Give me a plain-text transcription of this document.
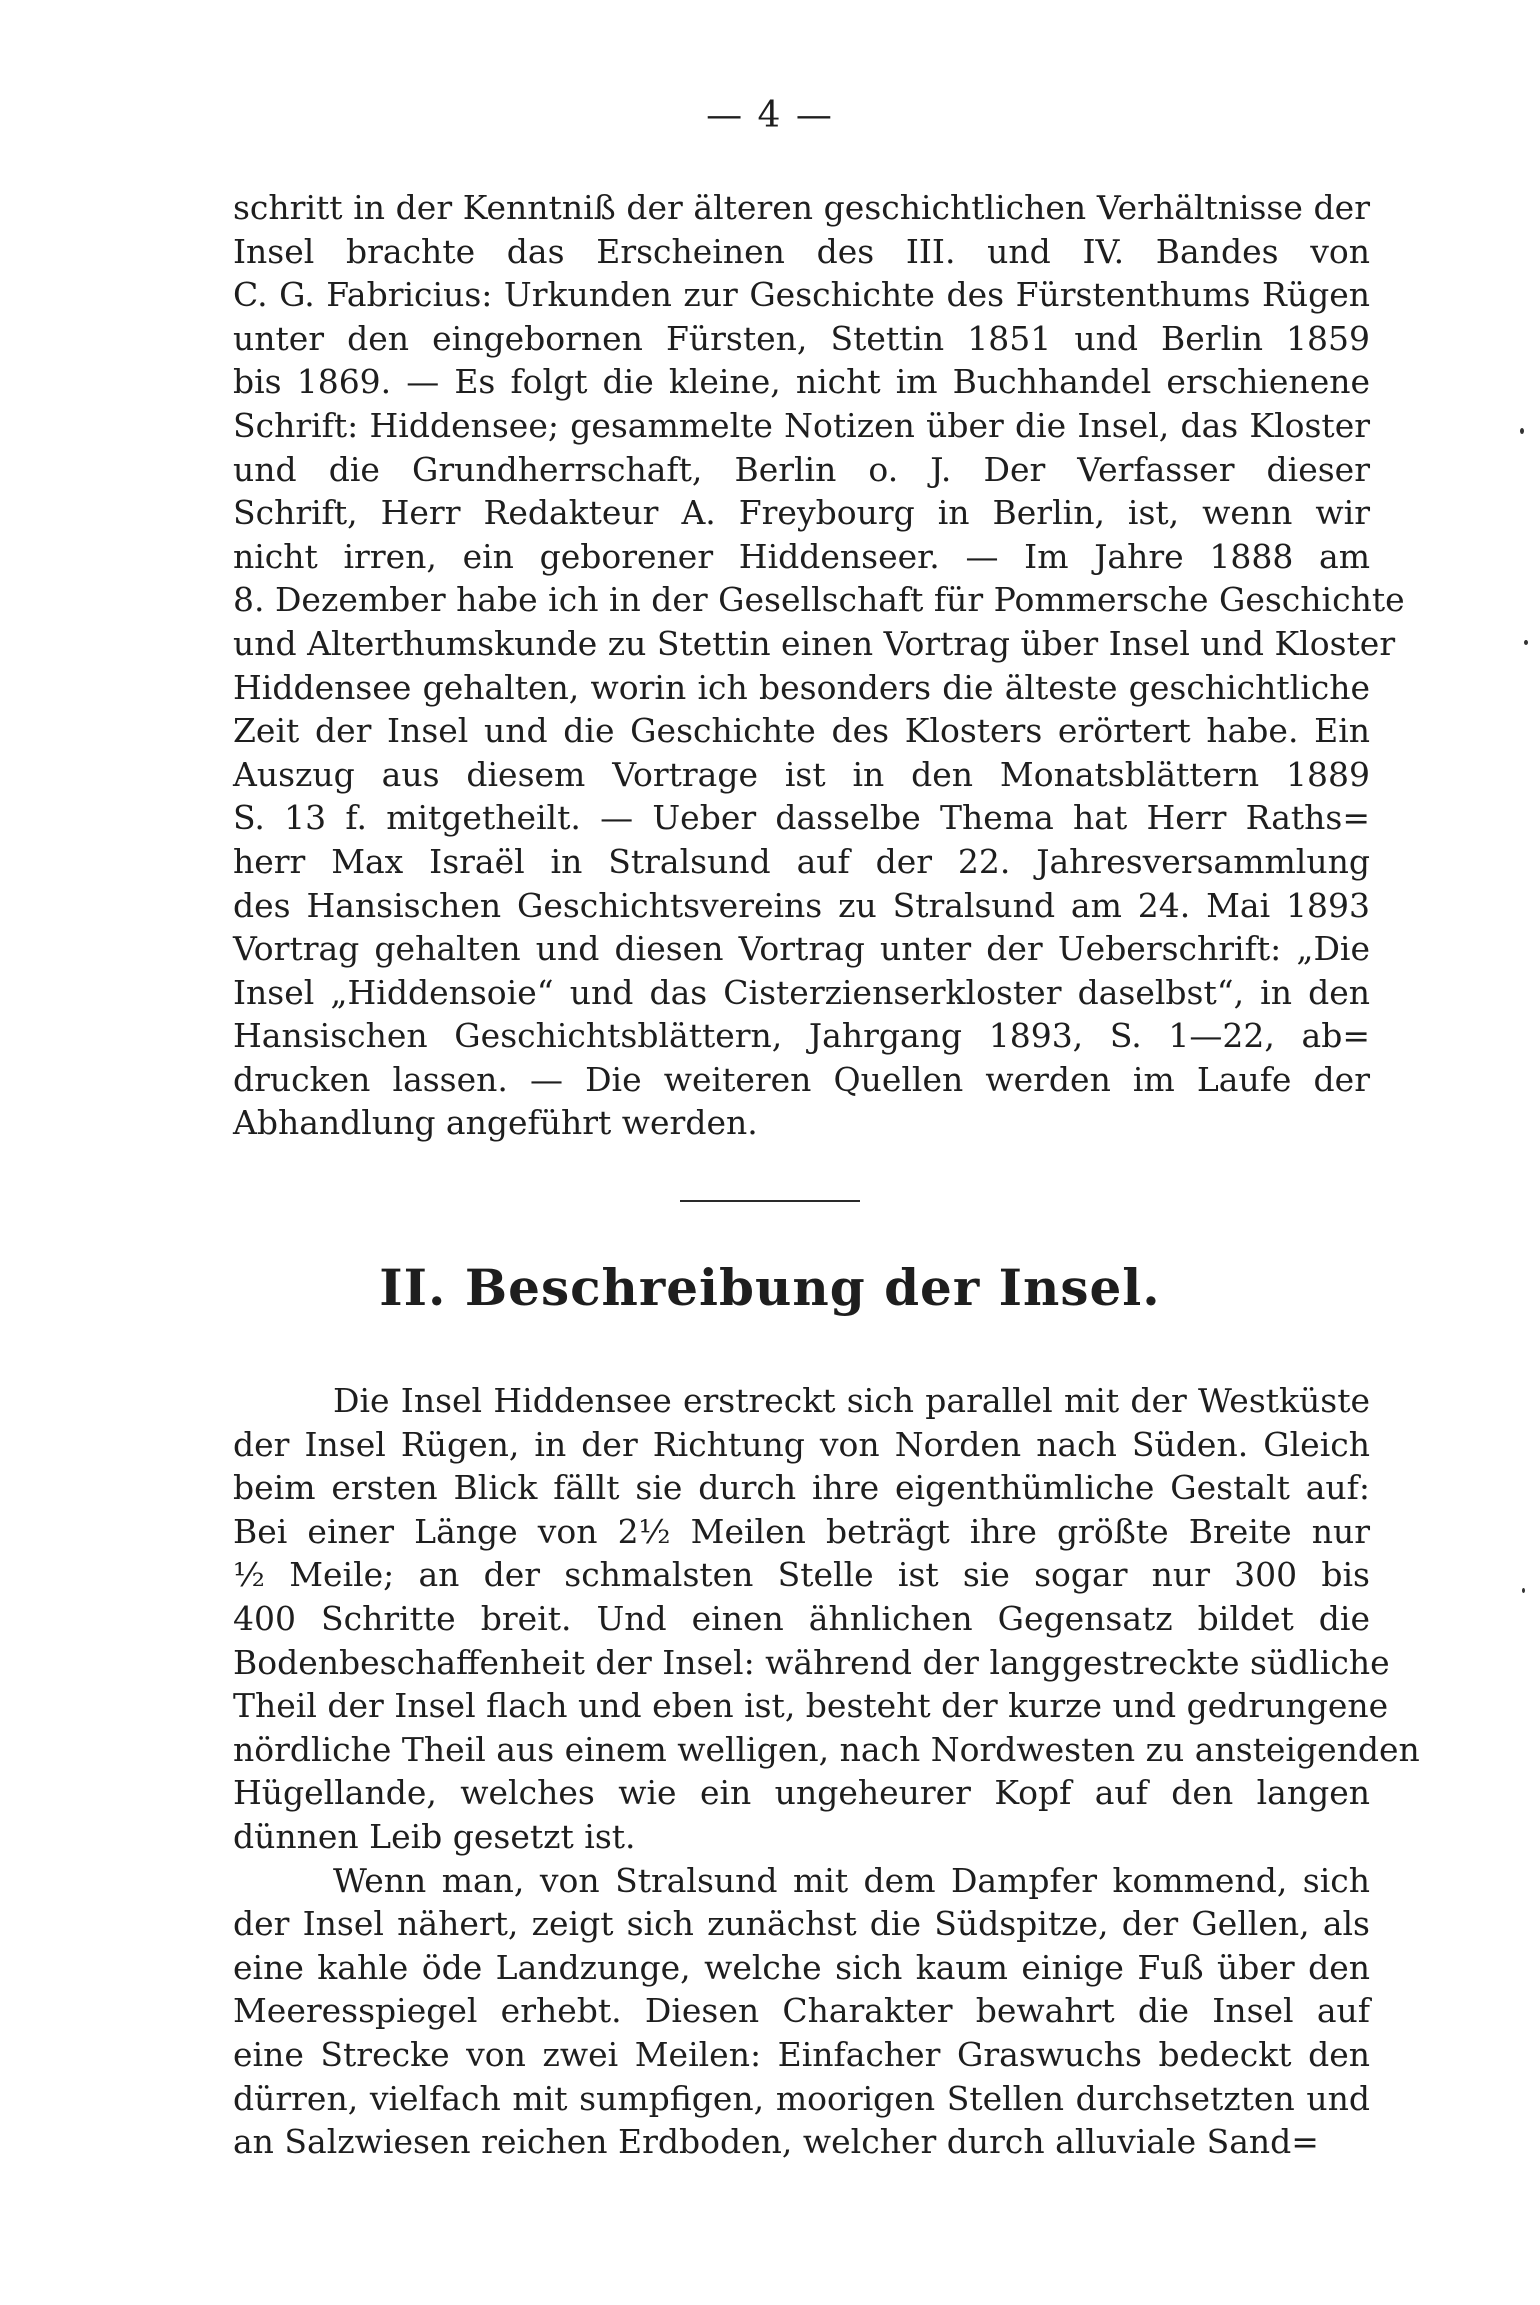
— 4 —
schritt in der Kenntniß der älteren geschichtlichen Verhältnisse der
Insel brachte das Erscheinen des III. und IV. Bandes von
C. G. Fabricius: Urkunden zur Geschichte des Fürstenthums Rügen
unter den eingebornen Fürsten, Stettin 1851 und Berlin 1859
bis 1869. — Es folgt die kleine, nicht im Buchhandel erschienene
Schrift: Hiddensee; gesammelte Notizen über die Insel, das Kloster
und die Grundherrschaft, Berlin o. J. Der Verfasser dieser
Schrift, Herr Redakteur A. Freybourg in Berlin, ist, wenn wir
nicht irren, ein geborener Hiddenseer. — Im Jahre 1888 am
8. Dezember habe ich in der Gesellschaft für Pommersche Geschichte
und Alterthumskunde zu Stettin einen Vortrag über Insel und Kloster
Hiddensee gehalten, worin ich besonders die älteste geschichtliche
Zeit der Insel und die Geschichte des Klosters erörtert habe. Ein
Auszug aus diesem Vortrage ist in den Monatsblättern 1889
S. 13 f. mitgetheilt. — Ueber dasselbe Thema hat Herr Raths=
herr Max Israël in Stralsund auf der 22. Jahresversammlung
des Hansischen Geschichtsvereins zu Stralsund am 24. Mai 1893
Vortrag gehalten und diesen Vortrag unter der Ueberschrift: „Die
Insel „Hiddensoie“ und das Cisterzienserkloster daselbst“, in den
Hansischen Geschichtsblättern, Jahrgang 1893, S. 1—22, ab=
drucken lassen. — Die weiteren Quellen werden im Laufe der
Abhandlung angeführt werden.
II. Beschreibung der Insel.
Die Insel Hiddensee erstreckt sich parallel mit der Westküste
der Insel Rügen, in der Richtung von Norden nach Süden. Gleich
beim ersten Blick fällt sie durch ihre eigenthümliche Gestalt auf:
Bei einer Länge von 2½ Meilen beträgt ihre größte Breite nur
½ Meile; an der schmalsten Stelle ist sie sogar nur 300 bis
400 Schritte breit. Und einen ähnlichen Gegensatz bildet die
Bodenbeschaffenheit der Insel: während der langgestreckte südliche
Theil der Insel flach und eben ist, besteht der kurze und gedrungene
nördliche Theil aus einem welligen, nach Nordwesten zu ansteigenden
Hügellande, welches wie ein ungeheurer Kopf auf den langen
dünnen Leib gesetzt ist.
Wenn man, von Stralsund mit dem Dampfer kommend, sich
der Insel nähert, zeigt sich zunächst die Südspitze, der Gellen, als
eine kahle öde Landzunge, welche sich kaum einige Fuß über den
Meeresspiegel erhebt. Diesen Charakter bewahrt die Insel auf
eine Strecke von zwei Meilen: Einfacher Graswuchs bedeckt den
dürren, vielfach mit sumpfigen, moorigen Stellen durchsetzten und
an Salzwiesen reichen Erdboden, welcher durch alluviale Sand=
